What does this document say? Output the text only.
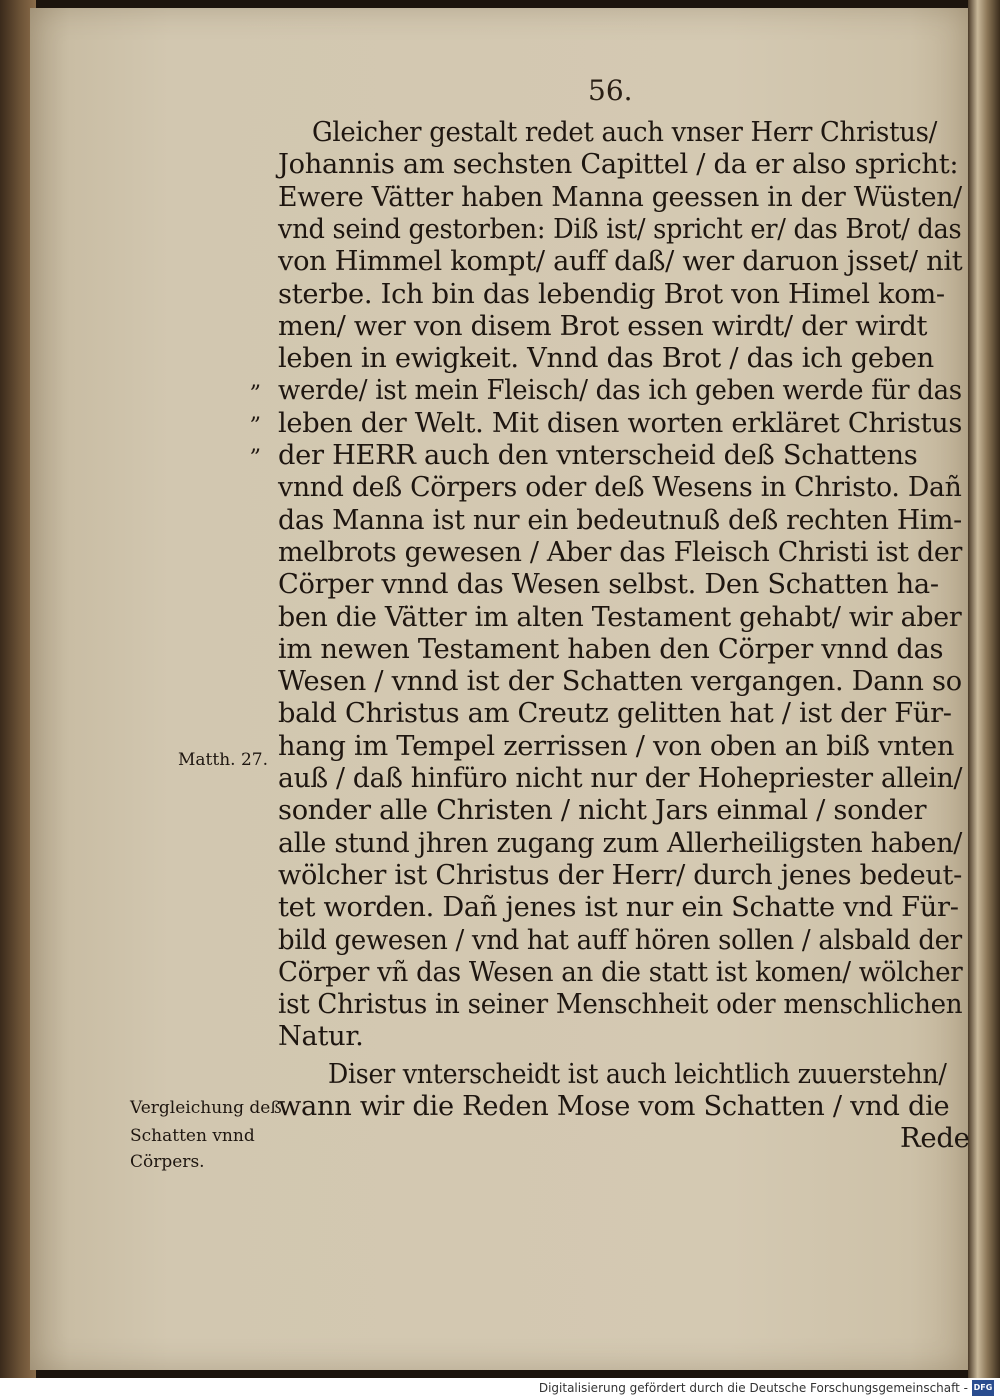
56.
Gleicher gestalt redet auch vnser Herr Christus/
Johannis am sechsten Capittel / da er also spricht:
Ewere Vätter haben Manna geessen in der Wüsten/
vnd seind gestorben: Diß ist/ spricht er/ das Brot/ das
von Himmel kompt/ auff daß/ wer daruon jsset/ nit
sterbe. Ich bin das lebendig Brot von Himel kom-
men/ wer von disem Brot essen wirdt/ der wirdt
leben in ewigkeit. Vnnd das Brot / das ich geben
werde/ ist mein Fleisch/ das ich geben werde für das
leben der Welt. Mit disen worten erkläret Christus
der HERR auch den vnterscheid deß Schattens
vnnd deß Cörpers oder deß Wesens in Christo. Dañ
das Manna ist nur ein bedeutnuß deß rechten Him-
melbrots gewesen / Aber das Fleisch Christi ist der
Cörper vnnd das Wesen selbst. Den Schatten ha-
ben die Vätter im alten Testament gehabt/ wir aber
im newen Testament haben den Cörper vnnd das
Wesen / vnnd ist der Schatten vergangen. Dann so
bald Christus am Creutz gelitten hat / ist der Für-
hang im Tempel zerrissen / von oben an biß vnten
auß / daß hinfüro nicht nur der Hohepriester allein/
sonder alle Christen / nicht Jars einmal / sonder
alle stund jhren zugang zum Allerheiligsten haben/
wölcher ist Christus der Herr/ durch jenes bedeut-
tet worden. Dañ jenes ist nur ein Schatte vnd Für-
bild gewesen / vnd hat auff hören sollen / alsbald der
Cörper vñ das Wesen an die statt ist komen/ wölcher
ist Christus in seiner Menschheit oder menschlichen
Natur.
Diser vnterscheidt ist auch leichtlich zuuerstehn/
wann wir die Reden Mose vom Schatten / vnd die
Rede
„
„
„
Matth. 27.
Vergleichung deß
Schatten vnnd
Cörpers.
Digitalisierung gefördert durch die Deutsche Forschungsgemeinschaft - DFG
